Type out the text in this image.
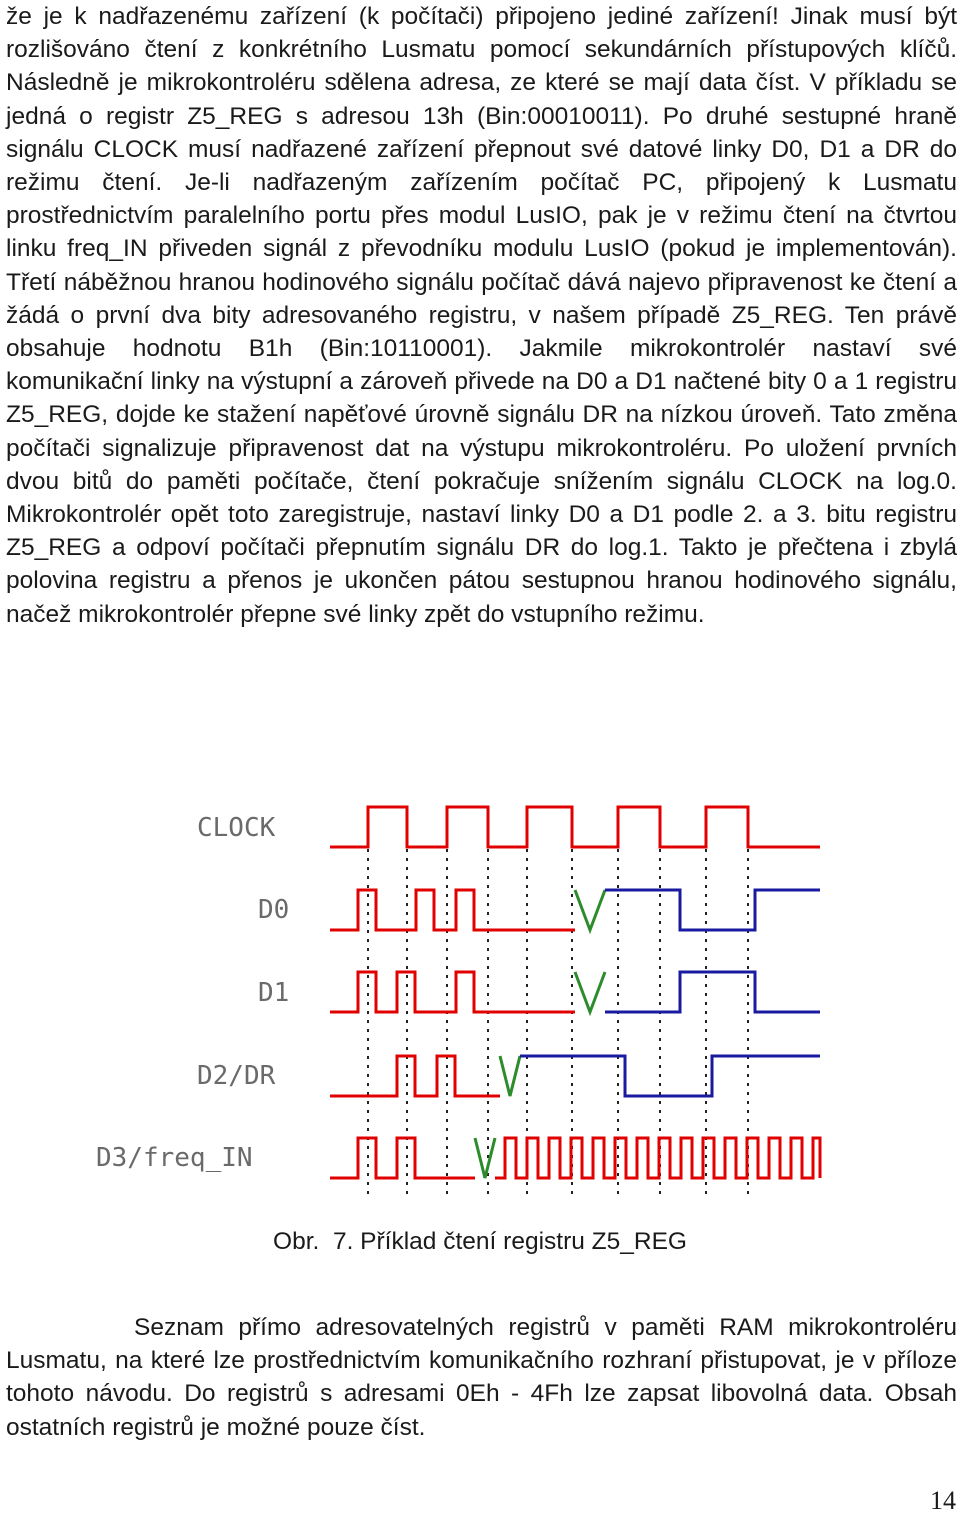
že je k nadřazenému zařízení (k počítači) připojeno jediné zařízení! Jinak musí být rozlišováno čtení z konkrétního Lusmatu pomocí sekundárních přístupových klíčů. Následně je mikrokontroléru sdělena adresa, ze které se mají data číst. V příkladu se jedná o registr Z5_REG s adresou 13h (Bin:00010011). Po druhé sestupné hraně signálu CLOCK musí nadřazené zařízení přepnout své datové linky D0, D1 a DR do režimu čtení. Je-li nadřazeným zařízením počítač PC, připojený k Lusmatu prostřednictvím paralelního portu přes modul LusIO, pak je v režimu čtení na čtvrtou linku freq_IN přiveden signál z převodníku modulu LusIO (pokud je implementován). Třetí náběžnou hranou hodinového signálu počítač dává najevo připravenost ke čtení a žádá o první dva bity adresovaného registru, v našem případě Z5_REG. Ten právě obsahuje hodnotu B1h (Bin:10110001). Jakmile mikrokontrolér nastaví své komunikační linky na výstupní a zároveň přivede na D0 a D1 načtené bity 0 a 1 registru Z5_REG, dojde ke stažení napěťové úrovně signálu DR na nízkou úroveň. Tato změna počítači signalizuje připravenost dat na výstupu mikrokontroléru. Po uložení prvních dvou bitů do paměti počítače, čtení pokračuje snížením signálu CLOCK na log.0. Mikrokontrolér opět toto zaregistruje, nastaví linky D0 a D1 podle 2. a 3. bitu registru Z5_REG a odpoví počítači přepnutím signálu DR do log.1. Takto je přečtena i zbylá polovina registru a přenos je ukončen pátou sestupnou hranou hodinového signálu, načež mikrokontrolér přepne své linky zpět do vstupního režimu.

CLOCK
D0
D1
D2/DR
D3/freq_IN
Obr. 7. Příklad čtení registru Z5_REG

Seznam přímo adresovatelných registrů v paměti RAM mikrokontroléru Lusmatu, na které lze prostřednictvím komunikačního rozhraní přistupovat, je v příloze tohoto návodu. Do registrů s adresami 0Eh - 4Fh lze zapsat libovolná data. Obsah ostatních registrů je možné pouze číst.

14
